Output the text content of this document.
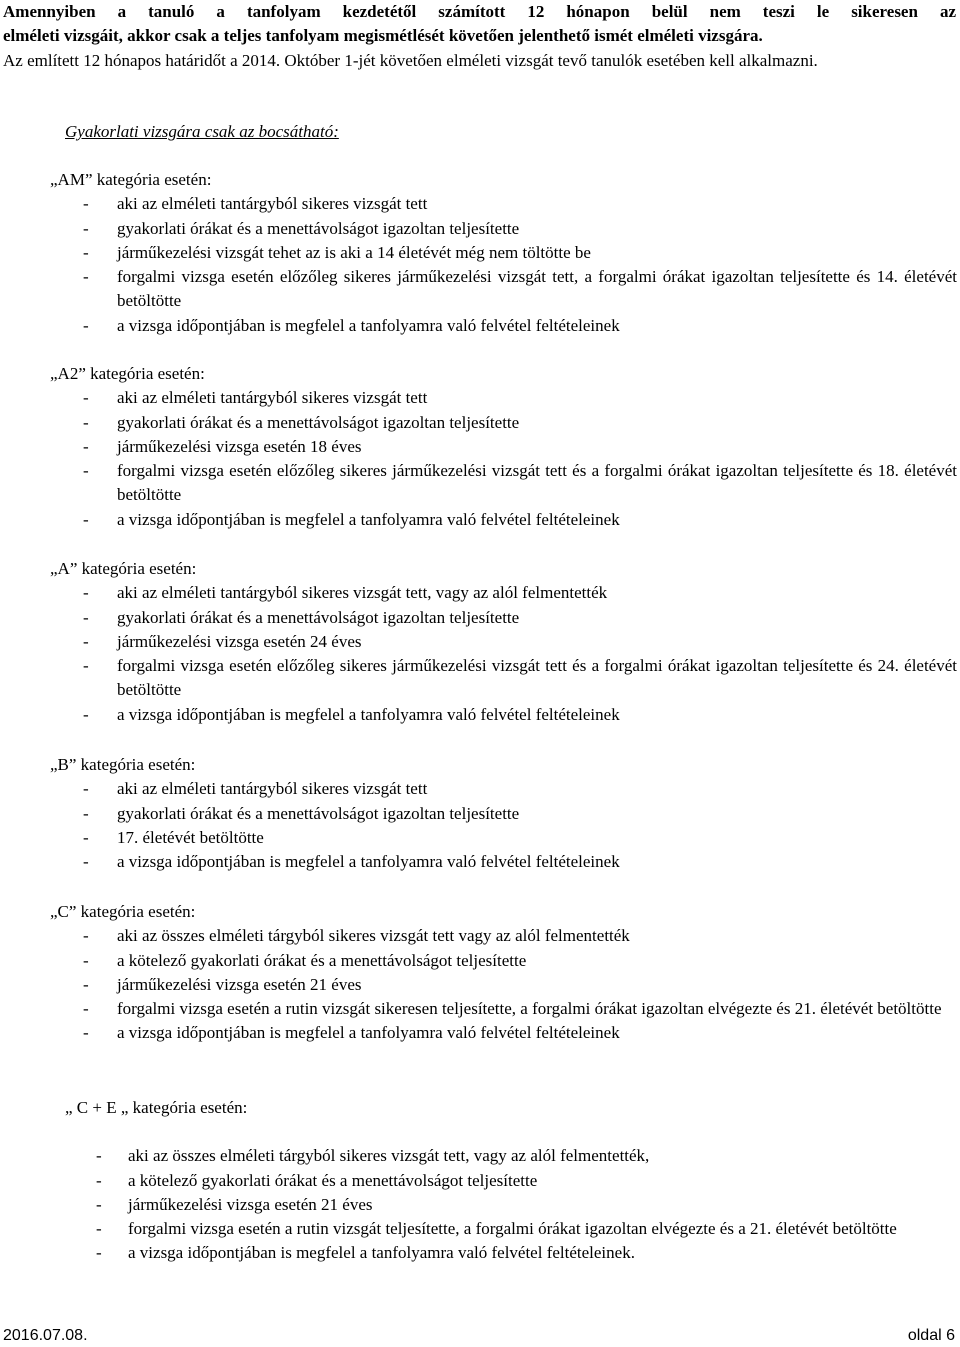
Amennyiben a tanuló a tanfolyam kezdetétől számított 12 hónapon belül nem teszi le sikeresen az

elméleti vizsgáit, akkor csak a teljes tanfolyam megismétlését követően jelenthető ismét elméleti vizsgára.

Az említett 12 hónapos határidőt a 2014. Október 1-jét követően elméleti vizsgát tevő tanulók esetében kell alkalmazni.

Gyakorlati vizsgára csak az bocsátható:

„AM” kategória esetén:

- aki az elméleti tantárgyból sikeres vizsgát tett
- gyakorlati órákat és a menettávolságot igazoltan teljesítette
- járműkezelési vizsgát tehet az is aki a 14 életévét még nem töltötte be
- forgalmi vizsga esetén előzőleg sikeres járműkezelési vizsgát tett, a forgalmi órákat igazoltan teljesítette és 14. életévét betöltötte
- a vizsga időpontjában is megfelel a tanfolyamra való felvétel feltételeinek

„A2” kategória esetén:

- aki az elméleti tantárgyból sikeres vizsgát tett
- gyakorlati órákat és a menettávolságot igazoltan teljesítette
- járműkezelési vizsga esetén 18 éves
- forgalmi vizsga esetén előzőleg sikeres járműkezelési vizsgát tett és a forgalmi órákat igazoltan teljesítette és 18. életévét betöltötte
- a vizsga időpontjában is megfelel a tanfolyamra való felvétel feltételeinek

„A” kategória esetén:

- aki az elméleti tantárgyból sikeres vizsgát tett, vagy az alól felmentették
- gyakorlati órákat és a menettávolságot igazoltan teljesítette
- járműkezelési vizsga esetén 24 éves
- forgalmi vizsga esetén előzőleg sikeres járműkezelési vizsgát tett és a forgalmi órákat igazoltan teljesítette és 24. életévét betöltötte
- a vizsga időpontjában is megfelel a tanfolyamra való felvétel feltételeinek

„B” kategória esetén:

- aki az elméleti tantárgyból sikeres vizsgát tett
- gyakorlati órákat és a menettávolságot igazoltan teljesítette
- 17. életévét betöltötte
- a vizsga időpontjában is megfelel a tanfolyamra való felvétel feltételeinek

„C” kategória esetén:

- aki az összes elméleti tárgyból sikeres vizsgát tett vagy az alól felmentették
- a kötelező gyakorlati órákat és a menettávolságot teljesítette
- járműkezelési vizsga esetén 21 éves
- forgalmi vizsga esetén a rutin vizsgát sikeresen teljesítette, a forgalmi órákat igazoltan elvégezte és 21. életévét betöltötte
- a vizsga időpontjában is megfelel a tanfolyamra való felvétel feltételeinek

„ C + E „ kategória esetén:

- aki az összes elméleti tárgyból sikeres vizsgát tett, vagy az alól felmentették,
- a kötelező gyakorlati órákat és a menettávolságot teljesítette
- járműkezelési vizsga esetén 21 éves
- forgalmi vizsga esetén a rutin vizsgát teljesítette, a forgalmi órákat igazoltan elvégezte és a 21. életévét betöltötte
- a vizsga időpontjában is megfelel a tanfolyamra való felvétel feltételeinek.
2016.07.08.	oldal 6
